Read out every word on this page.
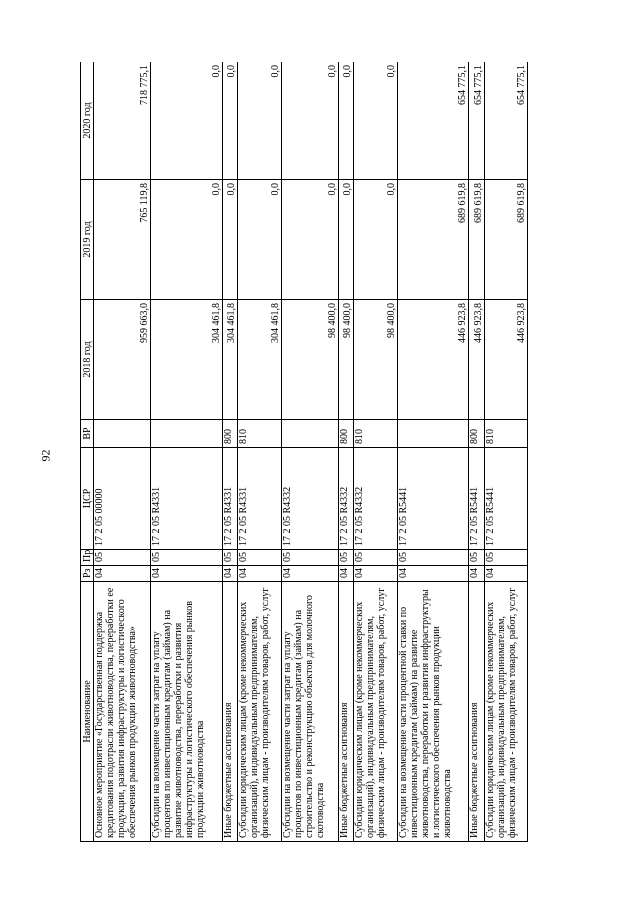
92
Наименование	Рз	Пр	ЦСР	ВР	2018 год	2019 год	2020 год
Основное мероприятие «Государственная поддержка кредитования подотрасли животноводства, переработки ее продукции, развития инфраструктуры и логистического обеспечения рынков продукции животноводства»	04	05	17 2 05 00000		959 663,0	765 119,8	718 775,1
Субсидии на возмещение части затрат на уплату процентов по инвестиционным кредитам (займам) на развитие животноводства, переработки и развития инфраструктуры и логистического обеспечения рынков продукции животноводства	04	05	17 2 05 R4331		304 461,8	0,0	0,0
Иные бюджетные ассигнования	04	05	17 2 05 R4331	800	304 461,8	0,0	0,0
Субсидии юридическим лицам (кроме некоммерческих организаций), индивидуальным предпринимателям, физическим лицам - производителям товаров, работ, услуг	04	05	17 2 05 R4331	810	304 461,8	0,0	0,0
Субсидии на возмещение части затрат на уплату процентов по инвестиционным кредитам (займам) на строительство и реконструкцию объектов для молочного скотоводства	04	05	17 2 05 R4332		98 400,0	0,0	0,0
Иные бюджетные ассигнования	04	05	17 2 05 R4332	800	98 400,0	0,0	0,0
Субсидии юридическим лицам (кроме некоммерческих организаций), индивидуальным предпринимателям, физическим лицам - производителям товаров, работ, услуг	04	05	17 2 05 R4332	810	98 400,0	0,0	0,0
Субсидии на возмещение части процентной ставки по инвестиционным кредитам (займам) на развитие животноводства, переработки и развития инфраструктуры и логистического обеспечения рынков продукции животноводства	04	05	17 2 05 R5441		446 923,8	689 619,8	654 775,1
Иные бюджетные ассигнования	04	05	17 2 05 R5441	800	446 923,8	689 619,8	654 775,1
Субсидии юридическим лицам (кроме некоммерческих организаций), индивидуальным предпринимателям, физическим лицам - производителям товаров, работ, услуг	04	05	17 2 05 R5441	810	446 923,8	689 619,8	654 775,1
